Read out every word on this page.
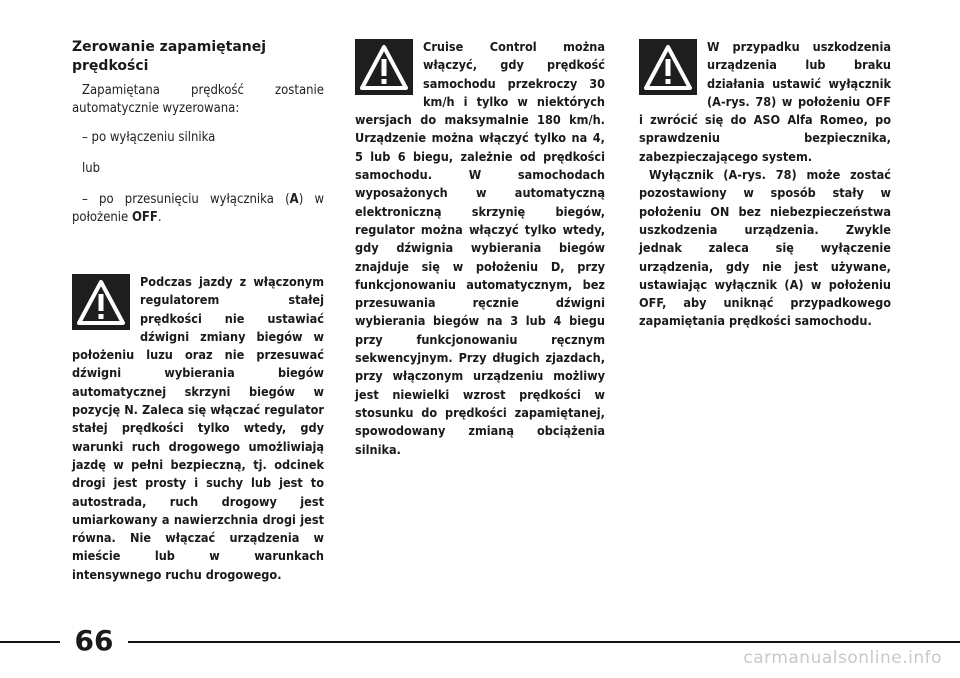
Zerowanie zapamiętanej prędkości

Zapamiętana prędkość zostanie automatycznie wyzerowana:

– po wyłączeniu silnika

lub

– po przesunięciu wyłącznika (A) w położenie OFF.

Podczas jazdy z włączonym regulatorem stałej prędkości nie ustawiać dźwigni zmiany biegów w położeniu luzu oraz nie przesuwać dźwigni wybierania biegów automatycznej skrzyni biegów w pozycję N. Zaleca się włączać regulator stałej prędkości tylko wtedy, gdy warunki ruch drogowego umożliwiają jazdę w pełni bezpieczną, tj. odcinek drogi jest prosty i suchy lub jest to autostrada, ruch drogowy jest umiarkowany a nawierzchnia drogi jest równa. Nie włączać urządzenia w mieście lub w warunkach intensywnego ruchu drogowego.

Cruise Control można włączyć, gdy prędkość samochodu przekroczy 30 km/h i tylko w niektórych wersjach do maksymalnie 180 km/h. Urządzenie można włączyć tylko na 4, 5 lub 6 biegu, zależnie od prędkości samochodu. W samochodach wyposażonych w automatyczną elektroniczną skrzynię biegów, regulator można włączyć tylko wtedy, gdy dźwignia wybierania biegów znajduje się w położeniu D, przy funkcjonowaniu automatycznym, bez przesuwania ręcznie dźwigni wybierania biegów na 3 lub 4 biegu przy funkcjonowaniu ręcznym sekwencyjnym. Przy długich zjazdach, przy włączonym urządzeniu możliwy jest niewielki wzrost prędkości w stosunku do prędkości zapamiętanej, spowodowany zmianą obciążenia silnika.

W przypadku uszkodzenia urządzenia lub braku działania ustawić wyłącznik (A-rys. 78) w położeniu OFF i zwrócić się do ASO Alfa Romeo, po sprawdzeniu bezpiecznika, zabezpieczającego system.

Wyłącznik (A-rys. 78) może zostać pozostawiony w sposób stały w położeniu ON bez niebezpieczeństwa uszkodzenia urządzenia. Zwykle jednak zaleca się wyłączenie urządzenia, gdy nie jest używane, ustawiając wyłącznik (A) w położeniu OFF, aby uniknąć przypadkowego zapamiętania prędkości samochodu.

66
carmanualsonline.info
